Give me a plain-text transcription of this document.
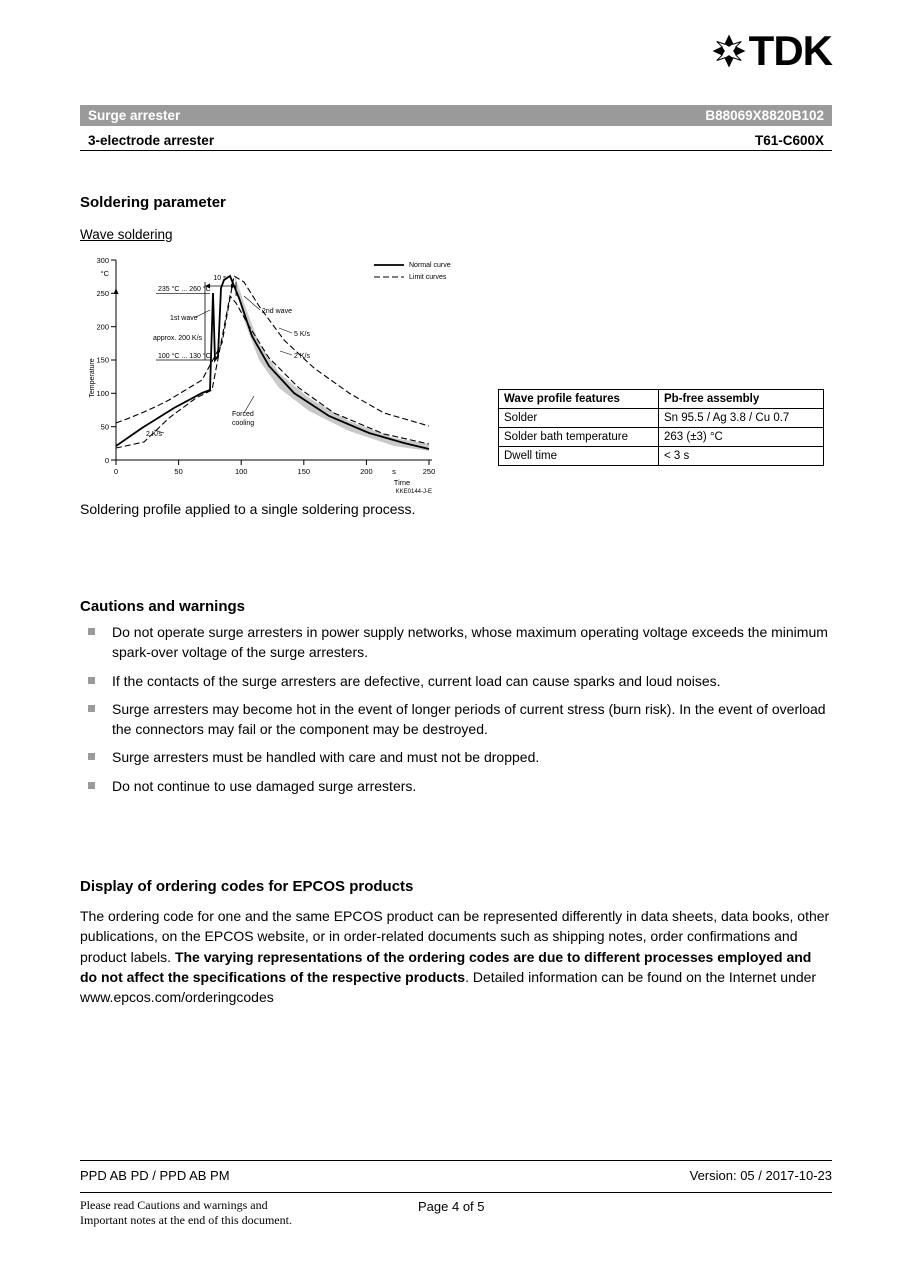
TDK
Surge arrester	B88069X8820B102
3-electrode arrester	T61-C600X
Soldering parameter
Wave soldering
0
50
100
150
200
250
300
°C
Temperature
0	50	100	150	200	250
s
Time
KKE0144-J-E
10 s
235 °C ... 260 °C
100 °C ... 130 °C
1st wave
2nd wave
approx. 200 K/s
5 K/s
2 K/s
2 K/s
Forced
cooling
Normal curve
Limit curves
Wave profile features	Pb-free assembly
Solder	Sn 95.5 / Ag 3.8 / Cu 0.7
Solder bath temperature	263 (±3) °C
Dwell time	< 3 s
Soldering profile applied to a single soldering process.
Cautions and warnings
Do not operate surge arresters in power supply networks, whose maximum operating voltage exceeds the minimum spark-over voltage of the surge arresters.
If the contacts of the surge arresters are defective, current load can cause sparks and loud noises.
Surge arresters may become hot in the event of longer periods of current stress (burn risk). In the event of overload the connectors may fail or the component may be destroyed.
Surge arresters must be handled with care and must not be dropped.
Do not continue to use damaged surge arresters.
Display of ordering codes for EPCOS products
The ordering code for one and the same EPCOS product can be represented differently in data sheets, data books, other publications, on the EPCOS website, or in order-related documents such as shipping notes, order confirmations and product labels. The varying representations of the ordering codes are due to different processes employed and do not affect the specifications of the respective products. Detailed information can be found on the Internet under
www.epcos.com/orderingcodes
PPD AB PD / PPD AB PM	Version: 05 / 2017-10-23
Please read Cautions and warnings and
Important notes at the end of this document.
Page 4 of 5
